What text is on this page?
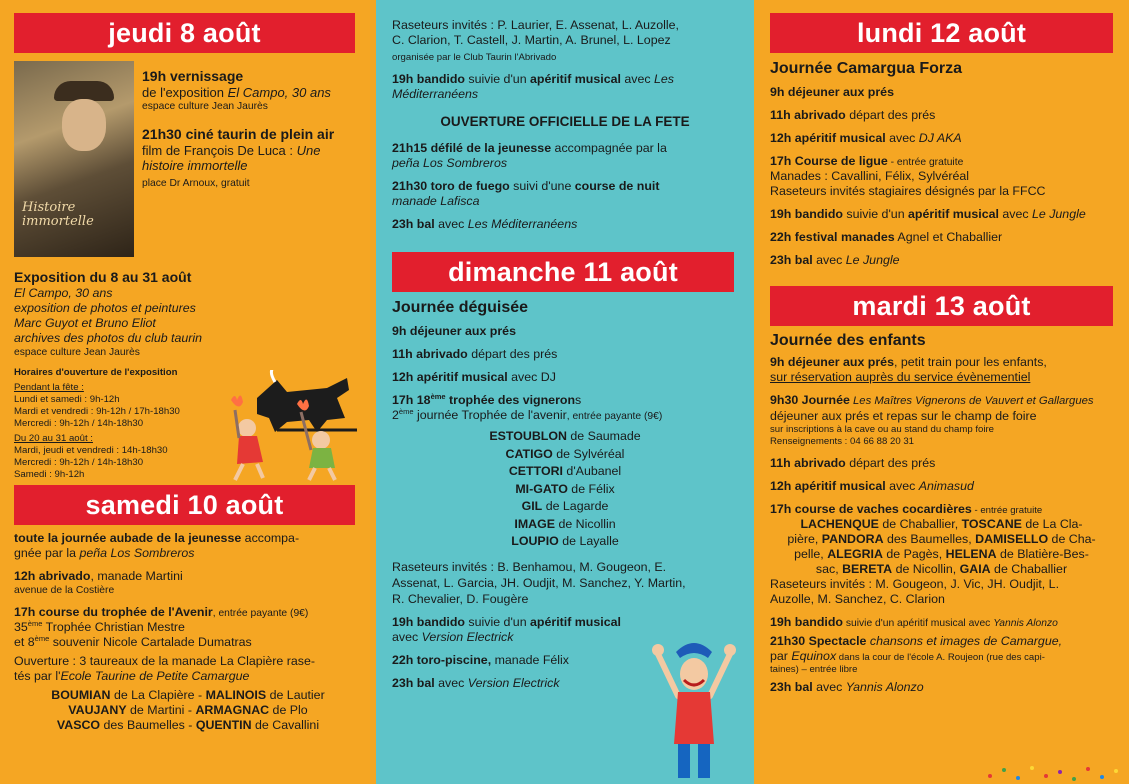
jeudi 8 août
Histoire immortelle

19h vernissage

de l'exposition El Campo, 30 ans

espace culture Jean Jaurès

21h30 ciné taurin de plein air

film de François De Luca : Une

histoire immortelle

place Dr Arnoux, gratuit

Exposition du 8 au 31 août

El Campo, 30 ans

exposition de photos et peintures

Marc Guyot et Bruno Eliot

archives des photos du club taurin

espace culture Jean Jaurès

Horaires d'ouverture de l'exposition

Pendant la fête :

Lundi et samedi : 9h-12h

Mardi et vendredi : 9h-12h / 17h-18h30

Mercredi : 9h-12h / 14h-18h30

Du 20 au 31 août :

Mardi, jeudi et vendredi : 14h-18h30

Mercredi : 9h-12h / 14h-18h30

Samedi : 9h-12h

samedi 10 août

toute la journée aubade de la jeunesse accompa-

gnée par la peña Los Sombreros

12h abrivado, manade Martini

avenue de la Costière

17h course du trophée de l'Avenir, entrée payante (9€)

35ème Trophée Christian Mestre

et 8ème souvenir Nicole Cartalade Dumatras

Ouverture : 3 taureaux de la manade La Clapière rase-

tés par l'Ecole Taurine de Petite Camargue

BOUMIAN de La Clapière - MALINOIS de Lautier

VAUJANY de Martini - ARMAGNAC de Plo

VASCO des Baumelles - QUENTIN de Cavallini

Raseteurs invités : P. Laurier, E. Assenat, L. Auzolle,

C. Clarion, T. Castell, J. Martin, A. Brunel, L. Lopez

organisée par le Club Taurin l'Abrivado

19h bandido suivie d'un apéritif musical avec Les

Méditerranéens

OUVERTURE OFFICIELLE DE LA FETE

21h15 défilé de la jeunesse accompagnée par la

peña Los Sombreros

21h30 toro de fuego suivi d'une course de nuit

manade Lafisca

23h bal avec Les Méditerranéens

dimanche 11 août

Journée déguisée

9h déjeuner aux prés

11h abrivado départ des prés

12h apéritif musical avec DJ

17h 18ème trophée des vignerons

2ème journée Trophée de l'avenir, entrée payante (9€)

ESTOUBLON de Saumade

CATIGO de Sylvéréal

CETTORI d'Aubanel

MI-GATO de Félix

GIL de Lagarde

IMAGE de Nicollin

LOUPIO de Layalle

Raseteurs invités : B. Benhamou, M. Gougeon, E.

Assenat, L. Garcia, JH. Oudjit, M. Sanchez, Y. Martin,

R. Chevalier, D. Fougère

19h bandido suivie d'un apéritif musical

avec Version Electrick

22h toro-piscine, manade Félix

23h bal avec Version Electrick

lundi 12 août

Journée Camargua Forza

9h déjeuner aux prés

11h abrivado départ des prés

12h apéritif musical avec DJ AKA

17h Course de ligue - entrée gratuite

Manades : Cavallini, Félix, Sylvéréal

Raseteurs invités stagiaires désignés par la FFCC

19h bandido suivie d'un apéritif musical avec Le Jungle

22h festival manades Agnel et Chaballier

23h bal avec Le Jungle

mardi 13 août

Journée des enfants

9h déjeuner aux prés, petit train pour les enfants,

sur réservation auprès du service évènementiel

9h30 Journée Les Maîtres Vignerons de Vauvert et Gallargues

déjeuner aux prés et repas sur le champ de foire

sur inscriptions à la cave ou au stand du champ foire

Renseignements : 04 66 88 20 31

11h abrivado départ des prés

12h apéritif musical avec Animasud

17h course de vaches cocardières - entrée gratuite

LACHENQUE de Chaballier, TOSCANE de La Cla-

pière, PANDORA des Baumelles, DAMISELLO de Cha-

pelle, ALEGRIA de Pagès, HELENA de Blatière-Bes-

sac, BERETA de Nicollin, GAIA de Chaballier

Raseteurs invités : M. Gougeon, J. Vic, JH. Oudjit, L.

Auzolle, M. Sanchez, C. Clarion

19h bandido suivie d'un apéritif musical avec Yannis Alonzo

21h30 Spectacle chansons et images de Camargue,

par Equinox dans la cour de l'école A. Roujeon (rue des capi-

taines) – entrée libre

23h bal avec Yannis Alonzo
